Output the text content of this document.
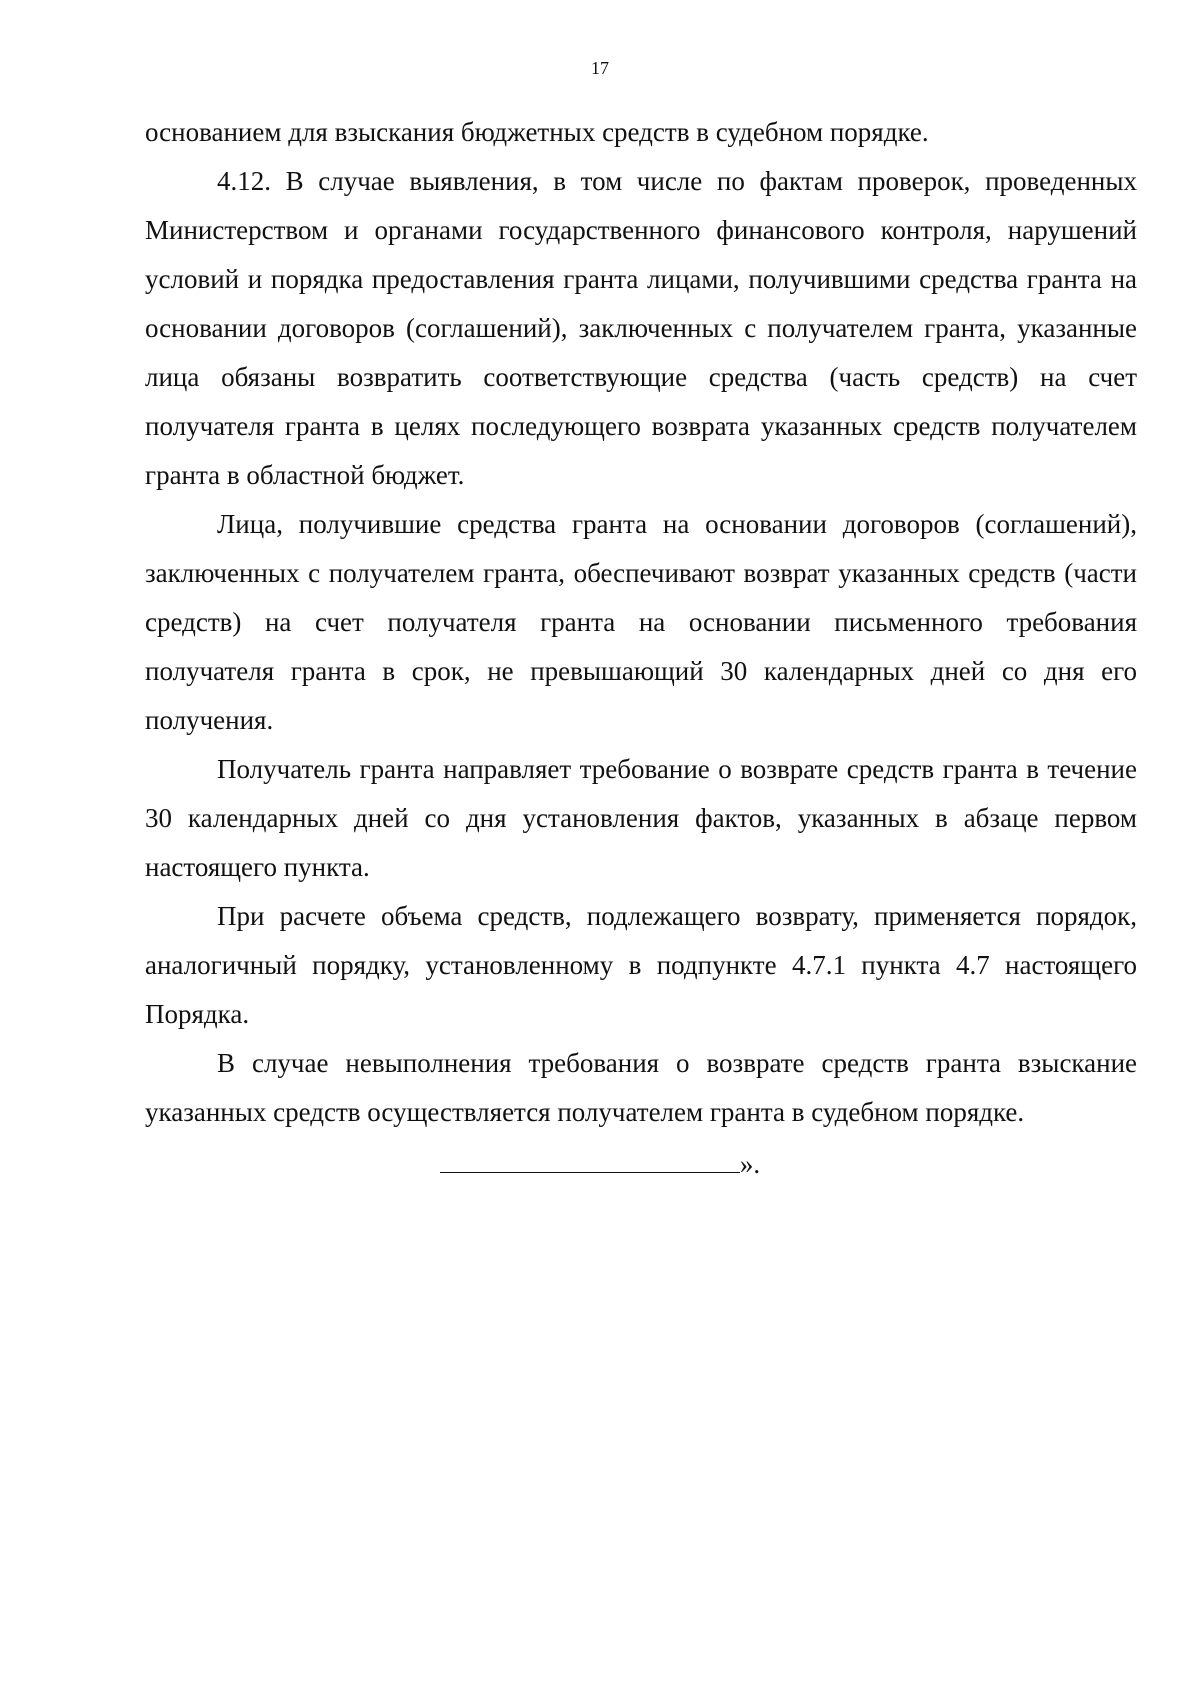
17

основанием для взыскания бюджетных средств в судебном порядке.

4.12. В случае выявления, в том числе по фактам проверок, проведенных Министерством и органами государственного финансового контроля, нарушений условий и порядка предоставления гранта лицами, получившими средства гранта на основании договоров (соглашений), заключенных с получателем гранта, указанные лица обязаны возвратить соответствующие средства (часть средств) на счет получателя гранта в целях последующего возврата указанных средств получателем гранта в областной бюджет.

Лица, получившие средства гранта на основании договоров (соглашений), заключенных с получателем гранта, обеспечивают возврат указанных средств (части средств) на счет получателя гранта на основании письменного требования получателя гранта в срок, не превышающий 30 календарных дней со дня его получения.

Получатель гранта направляет требование о возврате средств гранта в течение 30 календарных дней со дня установления фактов, указанных в абзаце первом настоящего пункта.

При расчете объема средств, подлежащего возврату, применяется порядок, аналогичный порядку, установленному в подпункте 4.7.1 пункта 4.7 настоящего Порядка.

В случае невыполнения требования о возврате средств гранта взыскание указанных средств осуществляется получателем гранта в судебном порядке.

».
